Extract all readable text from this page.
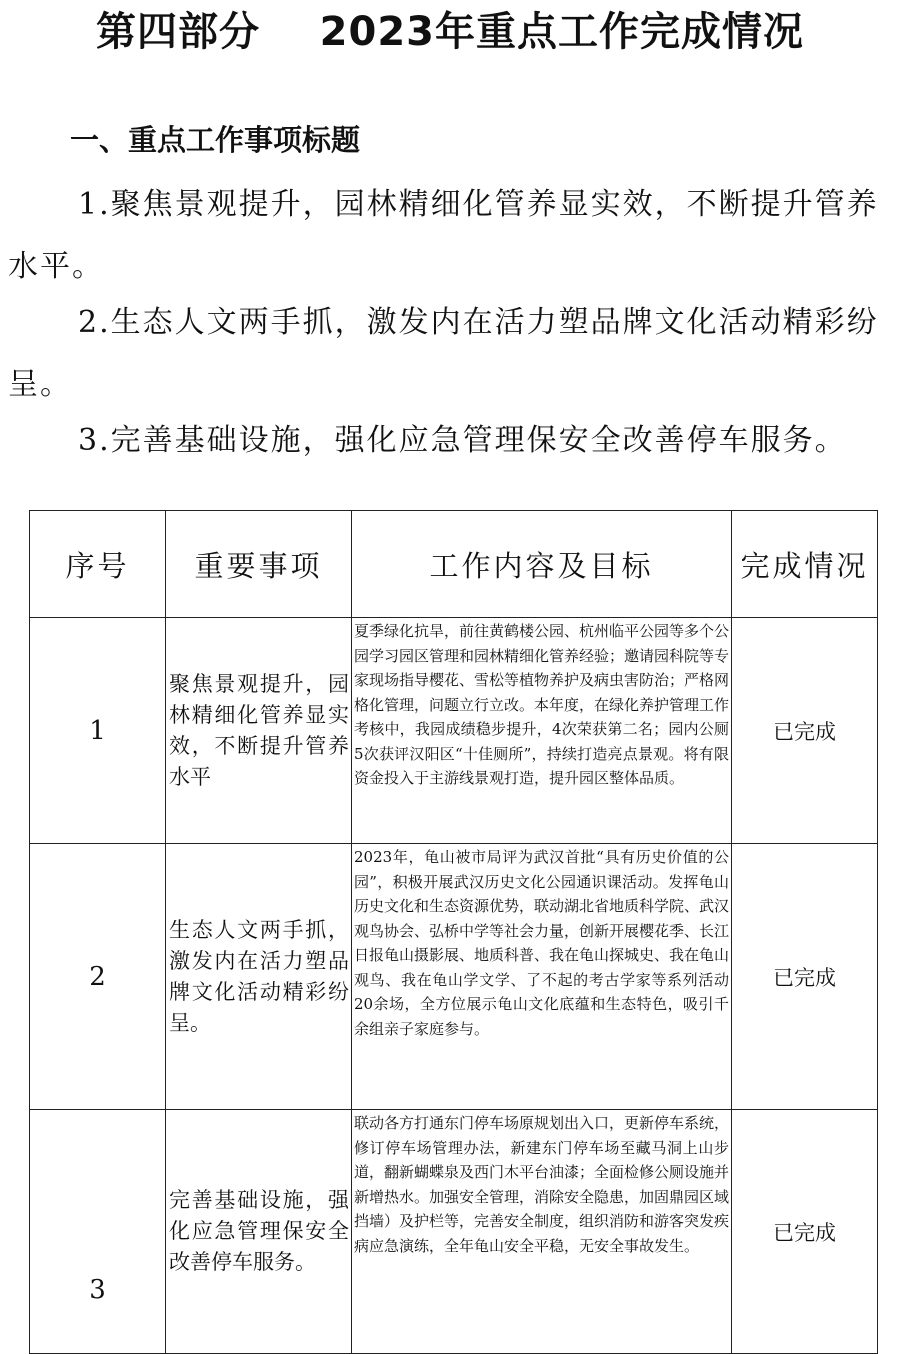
第四部分    2023年重点工作完成情况
一、重点工作事项标题

1.聚焦景观提升，园林精细化管养显实效，不断提升管养水平。

2.生态人文两手抓，激发内在活力塑品牌文化活动精彩纷呈。

3.完善基础设施，强化应急管理保安全改善停车服务。

序号	重要事项	工作内容及目标	完成情况
1	聚焦景观提升，园林精细化管养显实效，不断提升管养水平	夏季绿化抗旱，前往黄鹤楼公园、杭州临平公园等多个公园学习园区管理和园林精细化管养经验；邀请园科院等专家现场指导樱花、雪松等植物养护及病虫害防治；严格网格化管理，问题立行立改。本年度，在绿化养护管理工作考核中，我园成绩稳步提升，4次荣获第二名；园内公厕5次获评汉阳区“十佳厕所”，持续打造亮点景观。将有限资金投入于主游线景观打造，提升园区整体品质。	已完成
2	生态人文两手抓，激发内在活力塑品牌文化活动精彩纷呈。	2023年，龟山被市局评为武汉首批“具有历史价值的公园”，积极开展武汉历史文化公园通识课活动。发挥龟山历史文化和生态资源优势，联动湖北省地质科学院、武汉观鸟协会、弘桥中学等社会力量，创新开展樱花季、长江日报龟山摄影展、地质科普、我在龟山探城史、我在龟山观鸟、我在龟山学文学、了不起的考古学家等系列活动20余场，全方位展示龟山文化底蕴和生态特色，吸引千余组亲子家庭参与。	已完成
3	完善基础设施，强化应急管理保安全改善停车服务。	联动各方打通东门停车场原规划出入口，更新停车系统，修订停车场管理办法，新建东门停车场至藏马洞上山步道，翻新蝴蝶泉及西门木平台油漆；全面检修公厕设施并新增热水。加强安全管理，消除安全隐患，加固鼎园区域挡墙）及护栏等，完善安全制度，组织消防和游客突发疾病应急演练，全年龟山安全平稳，无安全事故发生。	已完成
